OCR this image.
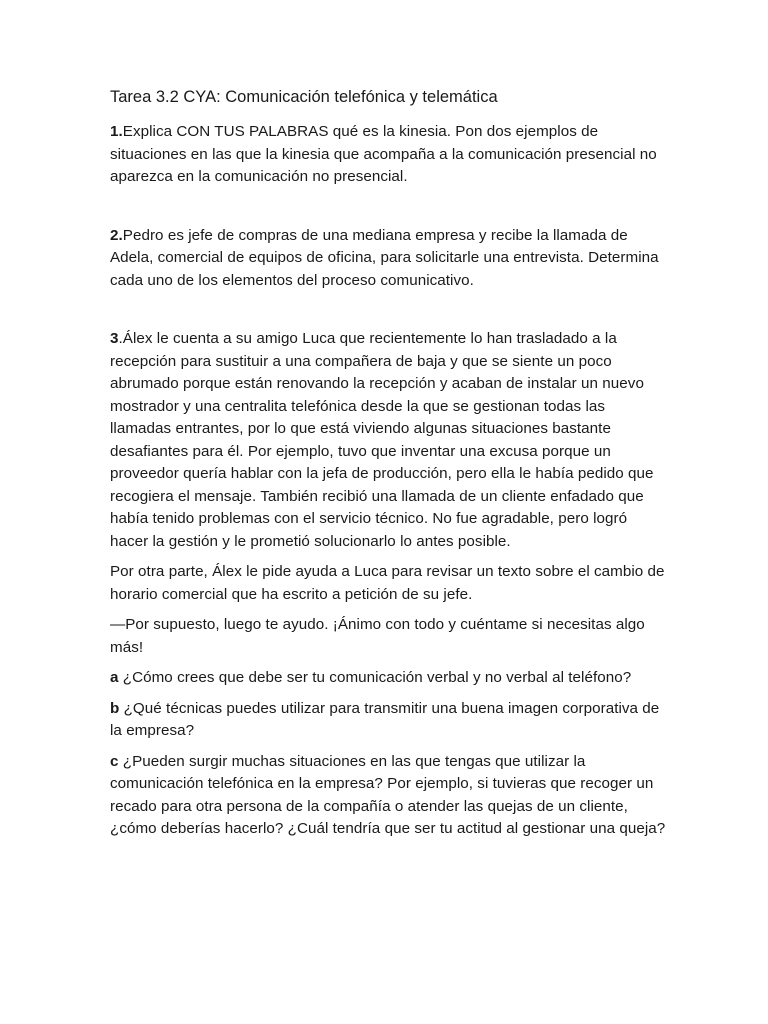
Tarea 3.2 CYA: Comunicación telefónica y telemática

1.Explica CON TUS PALABRAS qué es la kinesia. Pon dos ejemplos de situaciones en las que la kinesia que acompaña a la comunicación presencial no aparezca en la comunicación no presencial.

2.Pedro es jefe de compras de una mediana empresa y recibe la llamada de Adela, comercial de equipos de oficina, para solicitarle una entrevista. Determina cada uno de los elementos del proceso comunicativo.

3.Álex le cuenta a su amigo Luca que recientemente lo han trasladado a la recepción para sustituir a una compañera de baja y que se siente un poco abrumado porque están renovando la recepción y acaban de instalar un nuevo mostrador y una centralita telefónica desde la que se gestionan todas las llamadas entrantes, por lo que está viviendo algunas situaciones bastante desafiantes para él. Por ejemplo, tuvo que inventar una excusa porque un proveedor quería hablar con la jefa de producción, pero ella le había pedido que recogiera el mensaje. También recibió una llamada de un cliente enfadado que había tenido problemas con el servicio técnico. No fue agradable, pero logró hacer la gestión y le prometió solucionarlo lo antes posible.

Por otra parte, Álex le pide ayuda a Luca para revisar un texto sobre el cambio de horario comercial que ha escrito a petición de su jefe.

—Por supuesto, luego te ayudo. ¡Ánimo con todo y cuéntame si necesitas algo más!

a ¿Cómo crees que debe ser tu comunicación verbal y no verbal al teléfono?

b ¿Qué técnicas puedes utilizar para transmitir una buena imagen corporativa de la empresa?

c ¿Pueden surgir muchas situaciones en las que tengas que utilizar la comunicación telefónica en la empresa? Por ejemplo, si tuvieras que recoger un recado para otra persona de la compañía o atender las quejas de un cliente, ¿cómo deberías hacerlo? ¿Cuál tendría que ser tu actitud al gestionar una queja?
